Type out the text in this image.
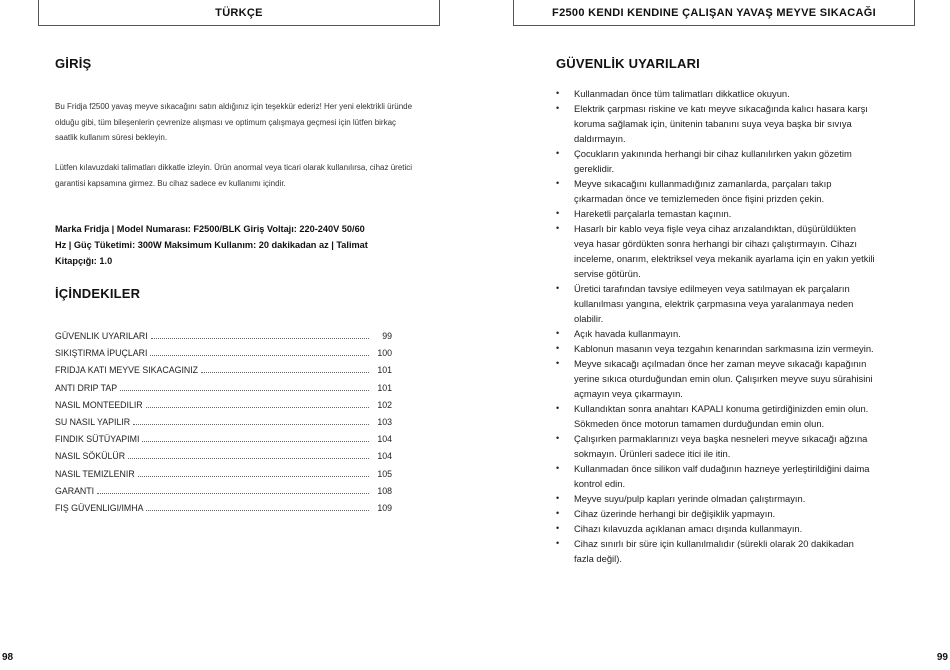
TÜRKÇE	F2500 KENDI KENDINE ÇALIŞAN YAVAŞ MEYVE SIKACAĞI
GİRİŞ

Bu Fridja f2500 yavaş meyve sıkacağını satın aldığınız için teşekkür ederiz! Her yeni elektrikli üründe olduğu gibi, tüm bileşenlerin çevrenize alışması ve optimum çalışmaya geçmesi için lütfen birkaç saatlik kullanım süresi bekleyin.

Lütfen kılavuzdaki talimatları dikkatle izleyin. Ürün anormal veya ticari olarak kullanılırsa, cihaz üretici garantisi kapsamına girmez. Bu cihaz sadece ev kullanımı içindir.

Marka Fridja | Model Numarası: F2500/BLK Giriş Voltajı: 220-240V 50/60 Hz | Güç Tüketimi: 300W Maksimum Kullanım: 20 dakikadan az | Talimat Kitapçığı: 1.0

İÇİNDEKILER
GÜVENLIK UYARILARI	99
SIKIŞTIRMA İPUÇLARI	100
FRIDJA KATI MEYVE SIKACAGINIZ	101
ANTI DRIP TAP	101
NASIL MONTEEDILIR	102
SU NASIL YAPILIR	103
FINDIK SÜTÜYAPIMI	104
NASIL SÖKÜLÜR	104
NASIL TEMIZLENIR	105
GARANTI	108
FIŞ GÜVENLIGI/IMHA	109
GÜVENLİK UYARILARI
• Kullanmadan önce tüm talimatları dikkatlice okuyun.
• Elektrik çarpması riskine ve katı meyve sıkacağında kalıcı hasara karşı koruma sağlamak için, ünitenin tabanını suya veya başka bir sıvıya daldırmayın.
• Çocukların yakınında herhangi bir cihaz kullanılırken yakın gözetim gereklidir.
• Meyve sıkacağını kullanmadığınız zamanlarda, parçaları takıp çıkarmadan önce ve temizlemeden önce fişini prizden çekin.
• Hareketli parçalarla temastan kaçının.
• Hasarlı bir kablo veya fişle veya cihaz arızalandıktan, düşürüldükten veya hasar gördükten sonra herhangi bir cihazı çalıştırmayın. Cihazı inceleme, onarım, elektriksel veya mekanik ayarlama için en yakın yetkili servise götürün.
• Üretici tarafından tavsiye edilmeyen veya satılmayan ek parçaların kullanılması yangına, elektrik çarpmasına veya yaralanmaya neden olabilir.
• Açık havada kullanmayın.
• Kablonun masanın veya tezgahın kenarından sarkmasına izin vermeyin.
• Meyve sıkacağı açılmadan önce her zaman meyve sıkacağı kapağının yerine sıkıca oturduğundan emin olun. Çalışırken meyve suyu sürahisini açmayın veya çıkarmayın.
• Kullandıktan sonra anahtarı KAPALI konuma getirdiğinizden emin olun. Sökmeden önce motorun tamamen durduğundan emin olun.
• Çalışırken parmaklarınızı veya başka nesneleri meyve sıkacağı ağzına sokmayın. Ürünleri sadece itici ile itin.
• Kullanmadan önce silikon valf dudağının hazneye yerleştirildiğini daima kontrol edin.
• Meyve suyu/pulp kapları yerinde olmadan çalıştırmayın.
• Cihaz üzerinde herhangi bir değişiklik yapmayın.
• Cihazı kılavuzda açıklanan amacı dışında kullanmayın.
• Cihaz sınırlı bir süre için kullanılmalıdır (sürekli olarak 20 dakikadan fazla değil).
98	99
